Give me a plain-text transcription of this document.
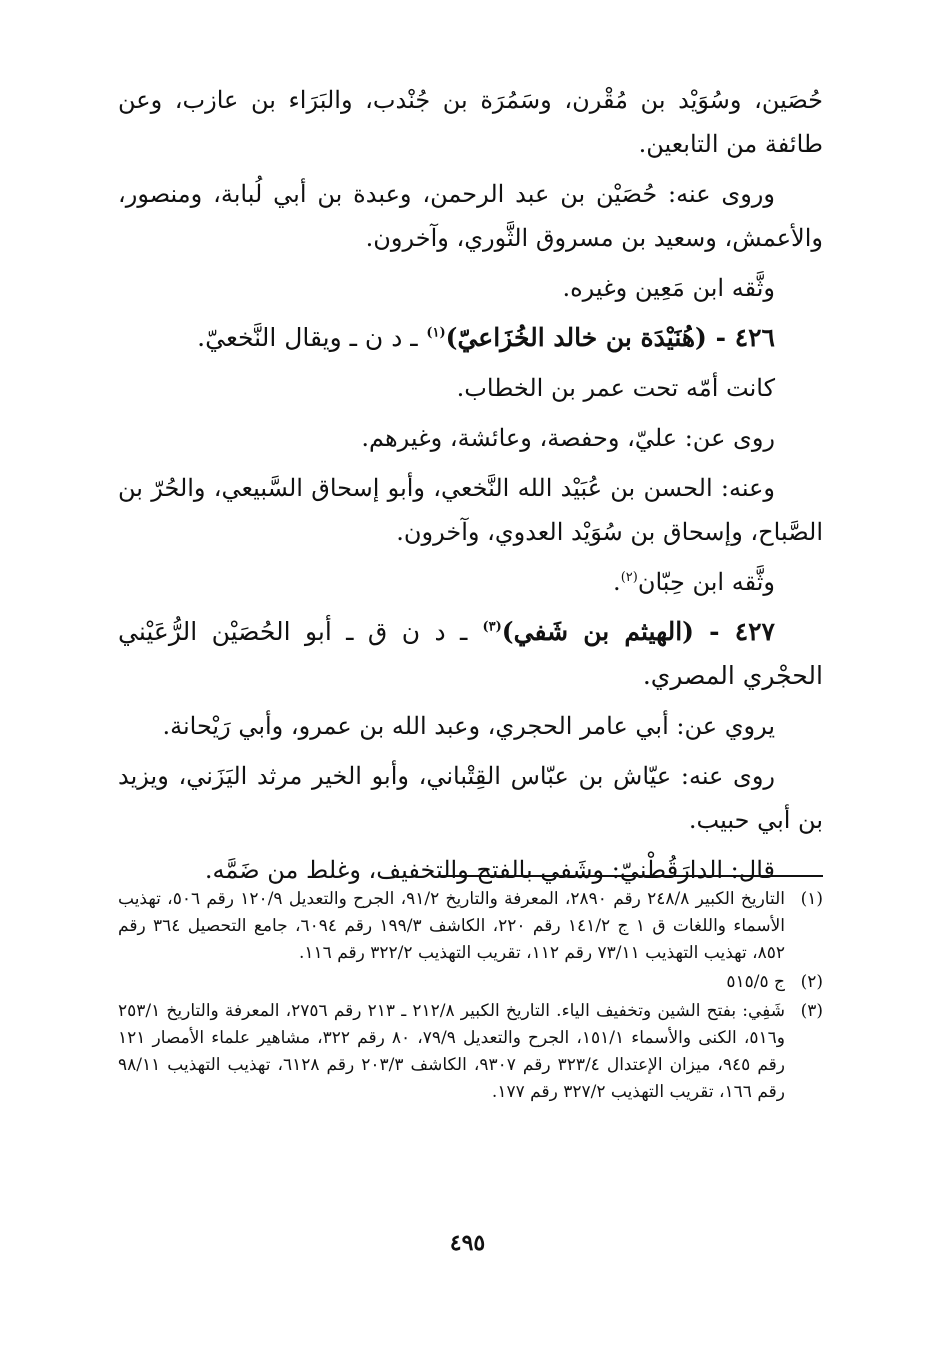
حُصَين، وسُوَيْد بن مُقْرن، وسَمُرَة بن جُنْدب، والبَرَاء بن عازب، وعن طائفة من التابعين.

وروى عنه: حُصَيْن بن عبد الرحمن، وعبدة بن أبي لُبابة، ومنصور، والأعمش، وسعيد بن مسروق الثَّوري، وآخرون.

وثَّقه ابن مَعِين وغيره.

٤٢٦ - (هُنَيْدَة بن خالد الخُزَاعيّ)$^{(١)}$ ـ د ن ـ ويقال النَّخعيّ.

كانت أمّه تحت عمر بن الخطاب.

روى عن: عليّ، وحفصة، وعائشة، وغيرهم.

وعنه: الحسن بن عُبَيْد الله النَّخعي، وأبو إسحاق السَّبيعي، والحُرّ بن الصَّباح، وإسحاق بن سُوَيْد العدوي، وآخرون.

وثَّقه ابن حِبّان$^{(٢)}$.

٤٢٧ - (الهيثم بن شَفي)$^{(٣)}$ ـ د ن ق ـ أبو الحُصَيْن الرُّعَيْني الحجْري المصري.

يروي عن: أبي عامر الحجري، وعبد الله بن عمرو، وأبي رَيْحانة.

روى عنه: عيّاش بن عبّاس القِتْباني، وأبو الخير مرثد اليَزَني، ويزيد بن أبي حبيب.

قال: الدارَقُطْنيّ: وشَفي بالفتح والتخفيف، وغلط من ضَمَّه.

(١)
التاريخ الكبير ٢٤٨/٨ رقم ٢٨٩٠، المعرفة والتاريخ ٩١/٢، الجرح والتعديل ١٢٠/٩ رقم ٥٠٦، تهذيب الأسماء واللغات ق ١ ج ١٤١/٢ رقم ٢٢٠، الكاشف ١٩٩/٣ رقم ٦٠٩٤، جامع التحصيل ٣٦٤ رقم ٨٥٢، تهذيب التهذيب ٧٣/١١ رقم ١١٢، تقريب التهذيب ٣٢٢/٢ رقم ١١٦.
(٢)
ج ٥١٥/٥
(٣)
شَفِي: بفتح الشين وتخفيف الياء. التاريخ الكبير ٢١٢/٨ ـ ٢١٣ رقم ٢٧٥٦، المعرفة والتاريخ ٢٥٣/١ و٥١٦، الكنى والأسماء ١٥١/١، الجرح والتعديل ٧٩/٩، ٨٠ رقم ٣٢٢، مشاهير علماء الأمصار ١٢١ رقم ٩٤٥، ميزان الإعتدال ٣٢٣/٤ رقم ٩٣٠٧، الكاشف ٢٠٣/٣ رقم ٦١٢٨، تهذيب التهذيب ٩٨/١١ رقم ١٦٦، تقريب التهذيب ٣٢٧/٢ رقم ١٧٧.
٤٩٥
